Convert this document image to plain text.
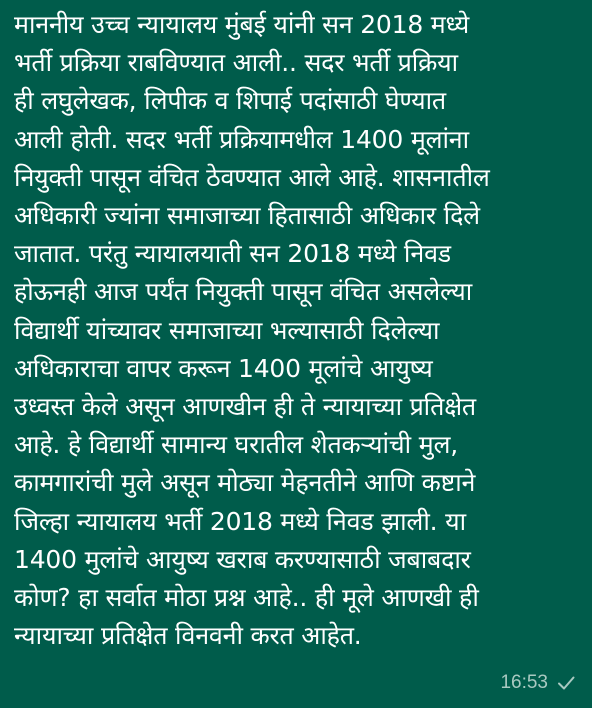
माननीय उच्च न्यायालय मुंबई यांनी सन 2018 मध्ये
भर्ती प्रक्रिया राबविण्यात आली.. सदर भर्ती प्रक्रिया
ही लघुलेखक, लिपीक व शिपाई पदांसाठी घेण्यात
आली होती. सदर भर्ती प्रक्रियामधील 1400 मूलांना
नियुक्ती पासून वंचित ठेवण्यात आले आहे. शासनातील
अधिकारी ज्यांना समाजाच्या हितासाठी अधिकार दिले
जातात. परंतु न्यायालयाती सन 2018 मध्ये निवड
होऊनही आज पर्यंत नियुक्ती पासून वंचित असलेल्या
विद्यार्थी यांच्यावर समाजाच्या भल्यासाठी दिलेल्या
अधिकाराचा वापर करून 1400 मूलांचे आयुष्य
उध्वस्त केले असून आणखीन ही ते न्यायाच्या प्रतिक्षेत
आहे. हे विद्यार्थी सामान्य घरातील शेतकऱ्यांची मुल,
कामगारांची मुले असून मोठ्या मेहनतीने आणि कष्टाने
जिल्हा न्यायालय भर्ती 2018 मध्ये निवड झाली. या
1400 मुलांचे आयुष्य खराब करण्यासाठी जबाबदार
कोण? हा सर्वात मोठा प्रश्न आहे.. ही मूले आणखी ही
न्यायाच्या प्रतिक्षेत विनवनी करत आहेत.

16:53
